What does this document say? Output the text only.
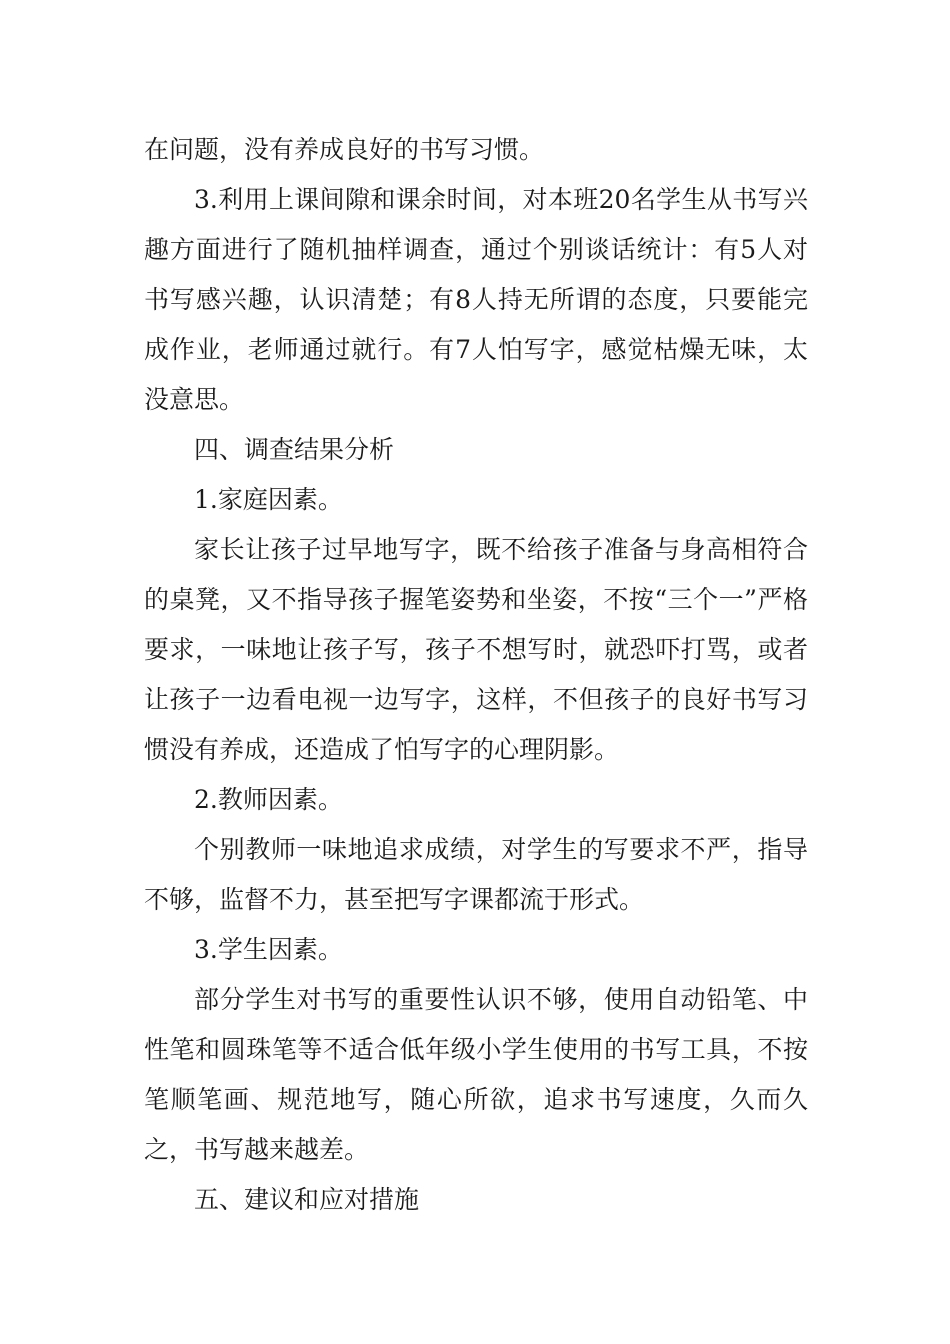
在问题，没有养成良好的书写习惯。

3.利用上课间隙和课余时间，对本班20名学生从书写兴趣方面进行了随机抽样调查，通过个别谈话统计：有5人对书写感兴趣，认识清楚；有8人持无所谓的态度，只要能完成作业，老师通过就行。有7人怕写字，感觉枯燥无味，太没意思。

四、调查结果分析

1.家庭因素。

家长让孩子过早地写字，既不给孩子准备与身高相符合的桌凳，又不指导孩子握笔姿势和坐姿，不按“三个一”严格要求，一味地让孩子写，孩子不想写时，就恐吓打骂，或者让孩子一边看电视一边写字，这样，不但孩子的良好书写习惯没有养成，还造成了怕写字的心理阴影。

2.教师因素。

个别教师一味地追求成绩，对学生的写要求不严，指导不够，监督不力，甚至把写字课都流于形式。

3.学生因素。

部分学生对书写的重要性认识不够，使用自动铅笔、中性笔和圆珠笔等不适合低年级小学生使用的书写工具，不按笔顺笔画、规范地写，随心所欲，追求书写速度，久而久之，书写越来越差。

五、建议和应对措施
